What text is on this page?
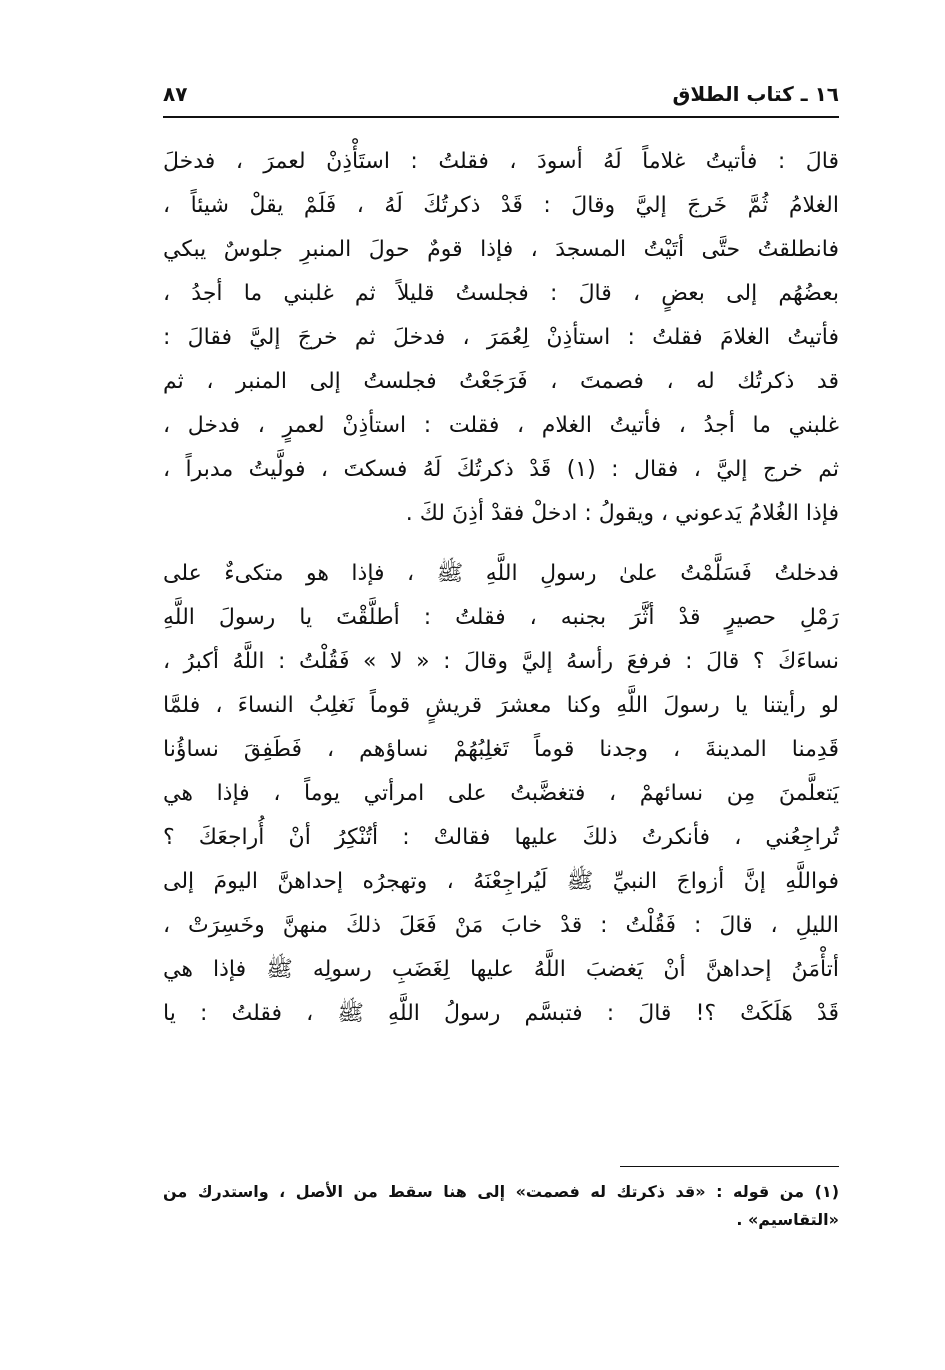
١٦ ـ كتاب الطلاق
٨٧
قالَ : فأتيتُ غلاماً لَهُ أسودَ ، فقلتُ : استَأْذِنْ لعمرَ ، فدخلَ
الغلامُ ثُمَّ خَرجَ إليَّ وقالَ : قَدْ ذكرتُكَ لَهُ ، فَلَمْ يقلْ شيئاً ،
فانطلقتُ حتَّى أتَيْتُ المسجدَ ، فإذا قومٌ حولَ المنبرِ جلوسٌ يبكي
بعضُهُم إلى بعضٍ ، قالَ : فجلستُ قليلاً ثم غلبني ما أجدُ ،
فأتيتُ الغلامَ فقلتُ : استأذِنْ لِعُمَرَ ، فدخلَ ثم خرجَ إليَّ فقالَ :
قد ذكرتُك له ، فصمتَ ، فَرَجَعْتُ فجلستُ إلى المنبر ، ثم
غلبني ما أجدُ ، فأتيتُ الغلام ، فقلت : استأذِنْ لعمرٍ ، فدخل ،
ثم خرج إليَّ ، فقال : (١) قَدْ ذكرتُكَ لَهُ فسكتَ ، فولَّيتُ مدبراً ،
فإذا الغُلامُ يَدعوني ، ويقولُ : ادخلْ فقدْ أذِنَ لكَ .
فدخلتُ فَسَلَّمْتُ علىٰ رسولِ اللَّهِ ﷺ ، فإذا هو متكىءٌ على
رَمْلِ حصيرٍ قدْ أثَّرَ بجنبه ، فقلتُ : أطلَّقْتَ يا رسولَ اللَّهِ
نساءَكَ ؟ قالَ : فرفعَ رأسهُ إليَّ وقالَ : « لا » فَقُلْتُ : اللَّهُ أكبرُ ،
لو رأيتنا يا رسولَ اللَّهِ وكنا معشرَ قريشٍ قوماً نَغلِبُ النساءَ ، فلمَّا
قَدِمنا المدينةَ ، وجدنا قوماً تَغلِبُهُمْ نساؤهم ، فَطَفِقَ نساؤُنا
يَتعلَّمنَ مِن نسائهمْ ، فتغضَّبتُ على امرأتي يوماً ، فإذا هي
تُراجِعُني ، فأنكرتُ ذلكَ عليها فقالتْ : أتُنْكِرُ أنْ أُراجعَكَ ؟
فواللَّهِ إنَّ أزواجَ النبيِّ ﷺ لَيُراجِعْنَهُ ، وتهجرُه إحداهنَّ اليومَ إلى
الليلِ ، قالَ : فَقُلْتُ : قدْ خابَ مَنْ فَعَلَ ذلكَ منهنَّ وخَسِرَتْ ،
أتأْمَنُ إحداهنَّ أنْ يَغضبَ اللَّهُ عليها لِغَضَبِ رسولِه ﷺ فإذا هي
قَدْ هَلَكَتْ ؟! قالَ : فتبسَّم رسولُ اللَّهِ ﷺ ، فقلتُ : يا
(١) من قوله : «قد ذكرتك له فصمت» إلى هنا سقط من الأصل ، واستدرك من
«التقاسيم» .
